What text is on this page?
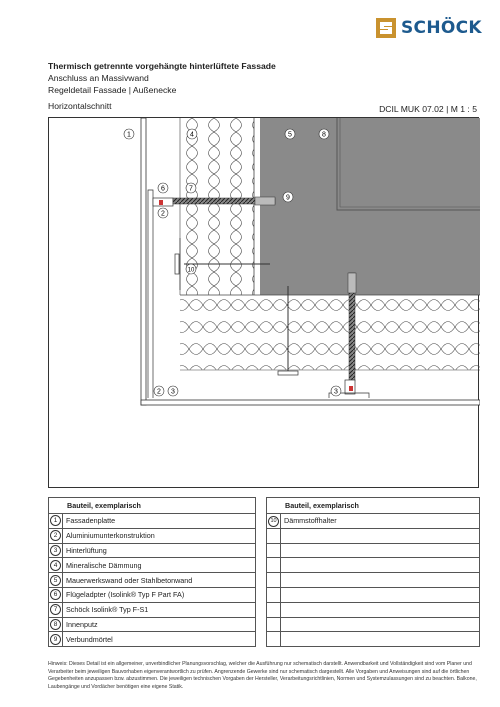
SCHÖCK
Thermisch getrennte vorgehängte hinterlüftete Fassade
Anschluss an Massivwand
Regeldetail Fassade | Außenecke
Horizontalschnitt	DCIL MUK 07.02 | M 1 : 5
1	4	5	8
6	7
2
9
10
2 3	3
Bauteil, exemplarisch	
1	Fassadenplatte
2	Aluminiumunterkonstruktion
3	Hinterlüftung
4	Mineralische Dämmung
5	Mauerwerkswand oder Stahlbetonwand
6	Flügeladpter (Isolink® Typ F Part FA)
7	Schöck Isolink® Typ F-S1
8	Innenputz
9	Verbundmörtel
Bauteil, exemplarisch	
10	Dämmstoffhalter

Hinweis: Dieses Detail ist ein allgemeiner, unverbindlicher Planungsvorschlag, welcher die Ausführung nur schematisch darstellt. Anwendbarkeit und Vollständigkeit sind vom Planer und Verarbeiter beim jeweiligen Bauvorhaben eigenverantwortlich zu prüfen. Angrenzende Gewerke sind nur schematisch dargestellt. Alle Vorgaben und Anweisungen sind auf die örtlichen Gegebenheiten anzupassen bzw. abzustimmen. Die jeweiligen technischen Vorgaben der Hersteller, Verarbeitungsrichtlinien, Normen und Systemzulassungen sind zu beachten. Balkone, Laubengänge und Vordächer benötigen eine eigene Statik.
